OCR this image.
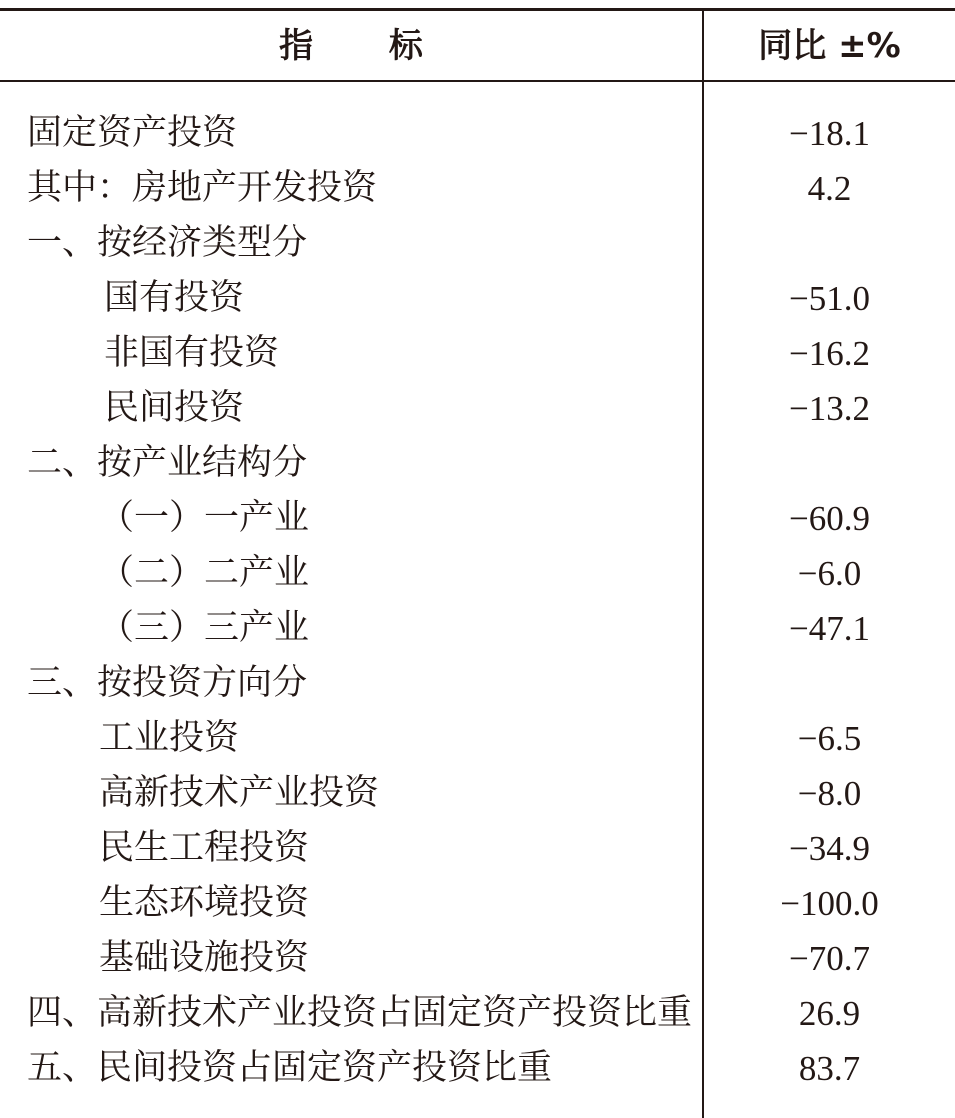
指 标	同比 ±%
固定资产投资	−18.1
其中：房地产开发投资	4.2
一、按经济类型分
国有投资	−51.0
非国有投资	−16.2
民间投资	−13.2
二、按产业结构分
（一）一产业	−60.9
（二）二产业	−6.0
（三）三产业	−47.1
三、按投资方向分
工业投资	−6.5
高新技术产业投资	−8.0
民生工程投资	−34.9
生态环境投资	−100.0
基础设施投资	−70.7
四、高新技术产业投资占固定资产投资比重	26.9
五、民间投资占固定资产投资比重	83.7
